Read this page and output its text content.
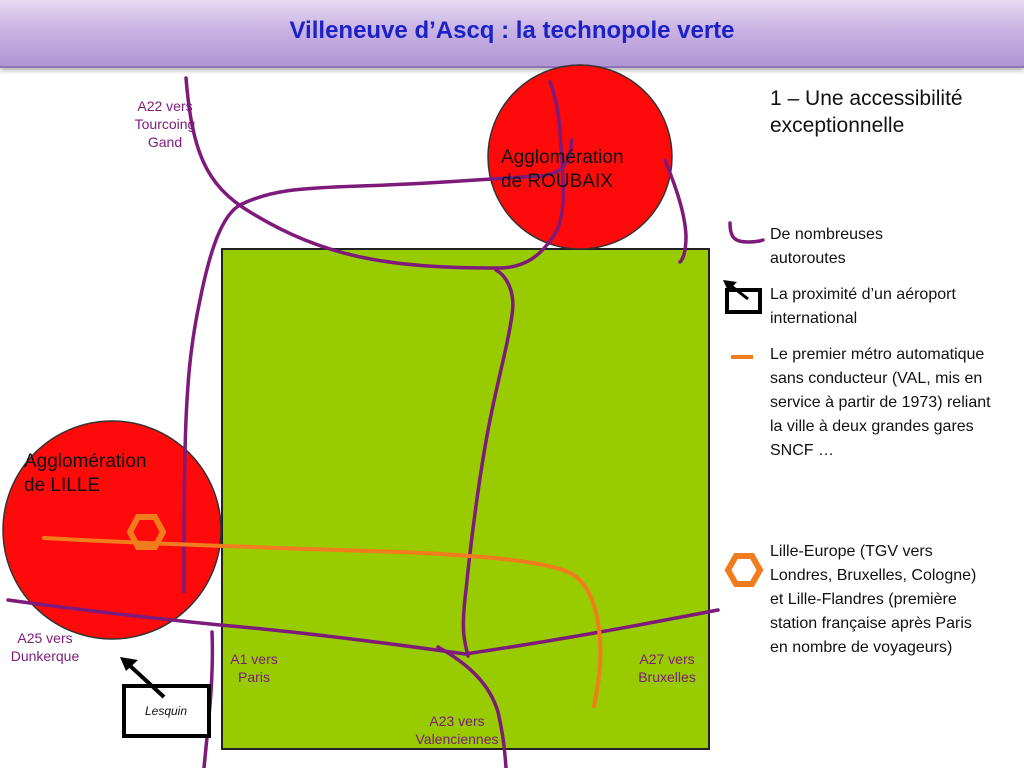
Villeneuve d’Ascq : la technopole verte
Agglomération
de ROUBAIX
Agglomération
de LILLE
A22 vers
Tourcoing
Gand
A25 vers
Dunkerque	A1 vers
Paris
A27 vers
Bruxelles
A23 vers
Valenciennes
Lesquin
1 – Une accessibilité exceptionnelle
De nombreuses autoroutes
La proximité d’un aéroport international
Le premier métro automatique sans conducteur (VAL, mis en service à partir de 1973) reliant la ville à deux grandes gares SNCF …
Lille-Europe (TGV vers Londres, Bruxelles, Cologne) et Lille-Flandres (première station française après Paris en nombre de voyageurs)
